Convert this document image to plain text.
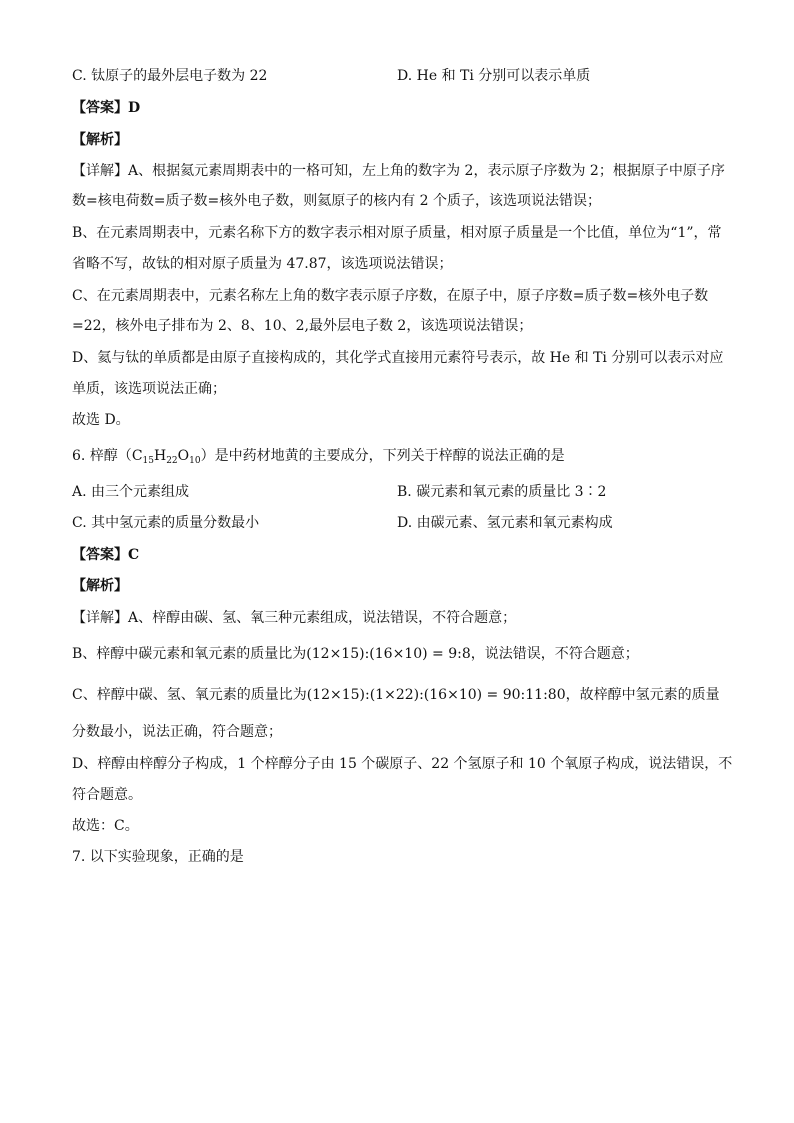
C. 钛原子的最外层电子数为 22	D. He 和 Ti 分别可以表示单质
【答案】D
【解析】
【详解】A、根据氦元素周期表中的一格可知，左上角的数字为 2，表示原子序数为 2；根据原子中原子序
数=核电荷数=质子数=核外电子数，则氦原子的核内有 2 个质子，该选项说法错误；
B、在元素周期表中，元素名称下方的数字表示相对原子质量，相对原子质量是一个比值，单位为“1”，常
省略不写，故钛的相对原子质量为 47.87，该选项说法错误；
C、在元素周期表中，元素名称左上角的数字表示原子序数，在原子中，原子序数=质子数=核外电子数
=22，核外电子排布为 2、8、10、2,最外层电子数 2，该选项说法错误；
D、氦与钛的单质都是由原子直接构成的，其化学式直接用元素符号表示，故 He 和 Ti 分别可以表示对应
单质，该选项说法正确；
故选 D。
6. 梓醇$(C_{15}H_{22}O_{10})$是中药材地黄的主要成分，下列关于梓醇的说法正确的是
A. 由三个元素组成	B. 碳元素和氧元素的质量比 3∶2
C. 其中氢元素的质量分数最小	D. 由碳元素、氢元素和氧元素构成
【答案】C
【解析】
【详解】A、梓醇由碳、氢、氧三种元素组成，说法错误，不符合题意；
B、梓醇中碳元素和氧元素的质量比为(12×15):(16×10) = 9:8，说法错误，不符合题意；
C、梓醇中碳、氢、氧元素的质量比为(12×15):(1×22):(16×10) = 90:11:80，故梓醇中氢元素的质量
分数最小，说法正确，符合题意；
D、梓醇由梓醇分子构成，1 个梓醇分子由 15 个碳原子、22 个氢原子和 10 个氧原子构成，说法错误，不
符合题意。
故选：C。
7. 以下实验现象，正确的是
